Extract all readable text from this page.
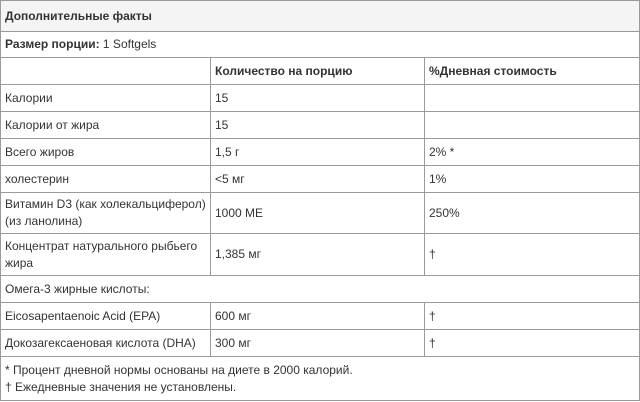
Дополнительные факты		
Размер порции: 1 Softgels		
	Количество на порцию	%Дневная стоимость
Калории	15	
Калории от жира	15	
Всего жиров	1,5 г	2% *
холестерин	<5 мг	1%
Витамин D3 (как холекальциферол) (из ланолина)	1000 МЕ	250%
Концентрат натурального рыбьего жира	1,385 мг	†
Омега-3 жирные кислоты:		
Eicosapentaenoic Acid (EPA)	600 мг	†
Докозагексаеновая кислота (DHA)	300 мг	†

* Процент дневной нормы основаны на диете в 2000 калорий.
† Ежедневные значения не установлены.		
